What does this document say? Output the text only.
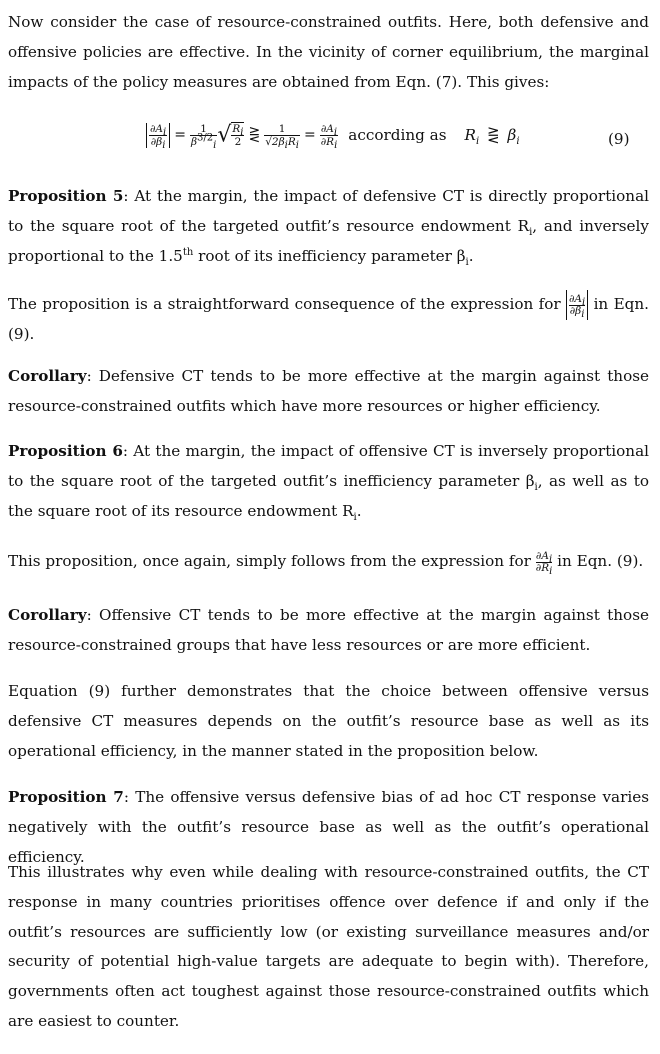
Now consider the case of resource-constrained outfits. Here, both defensive and offensive policies are effective. In the vicinity of corner equilibrium, the marginal impacts of the policy measures are obtained from Eqn. (7). This gives:

$\frac{\partial A_i}{\partial\beta_i} = \frac{1}{\beta^{3/2}_i}$ √ $\frac{R_i}{2}$ ⋛ $\frac{1}{√2\beta_iR_i} = \frac{\partial A_i}{\partial R_i}$ according as $R_i$ ⋛ $\beta_i$	(9)

Proposition 5: At the margin, the impact of defensive CT is directly proportional to the square root of the targeted outfit’s resource endowment $R_i$, and inversely proportional to the 1.5th root of its inefficiency parameter $\beta_i$.

The proposition is a straightforward consequence of the expression for $\frac{\partial A_i}{\partial\beta_i}$ in Eqn. (9).

Corollary: Defensive CT tends to be more effective at the margin against those resource-constrained outfits which have more resources or higher efficiency.

Proposition 6: At the margin, the impact of offensive CT is inversely proportional to the square root of the targeted outfit’s inefficiency parameter $\beta_i$, as well as to the square root of its resource endowment $R_i$.

This proposition, once again, simply follows from the expression for $\frac{\partial A_i}{\partial R_i}$ in Eqn. (9).

Corollary: Offensive CT tends to be more effective at the margin against those resource-constrained groups that have less resources or are more efficient.

Equation (9) further demonstrates that the choice between offensive versus defensive CT measures depends on the outfit’s resource base as well as its operational efficiency, in the manner stated in the proposition below.

Proposition 7: The offensive versus defensive bias of ad hoc CT response varies negatively with the outfit’s resource base as well as the outfit’s operational efficiency.

This illustrates why even while dealing with resource-constrained outfits, the CT response in many countries prioritises offence over defence if and only if the outfit’s resources are sufficiently low (or existing surveillance measures and/or security of potential high-value targets are adequate to begin with). Therefore, governments often act toughest against those resource-constrained outfits which are easiest to counter.
